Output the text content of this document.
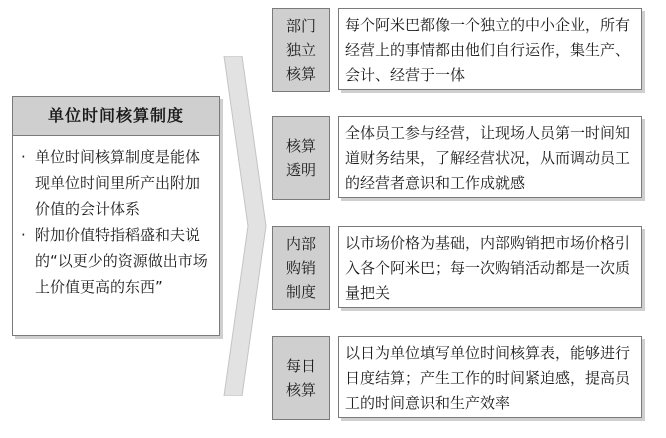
单位时间核算制度
· 单位时间核算制度是能体现单位时间里所产出附加价值的会计体系
· 附加价值特指稻盛和夫说的“以更少的资源做出市场上价值更高的东西”
部门独立核算
每个阿米巴都像一个独立的中小企业，所有经营上的事情都由他们自行运作，集生产、会计、经营于一体
核算透明
全体员工参与经营，让现场人员第一时间知道财务结果，了解经营状况，从而调动员工的经营者意识和工作成就感
内部购销制度
以市场价格为基础，内部购销把市场价格引入各个阿米巴；每一次购销活动都是一次质量把关
每日核算
以日为单位填写单位时间核算表，能够进行日度结算；产生工作的时间紧迫感，提高员工的时间意识和生产效率
